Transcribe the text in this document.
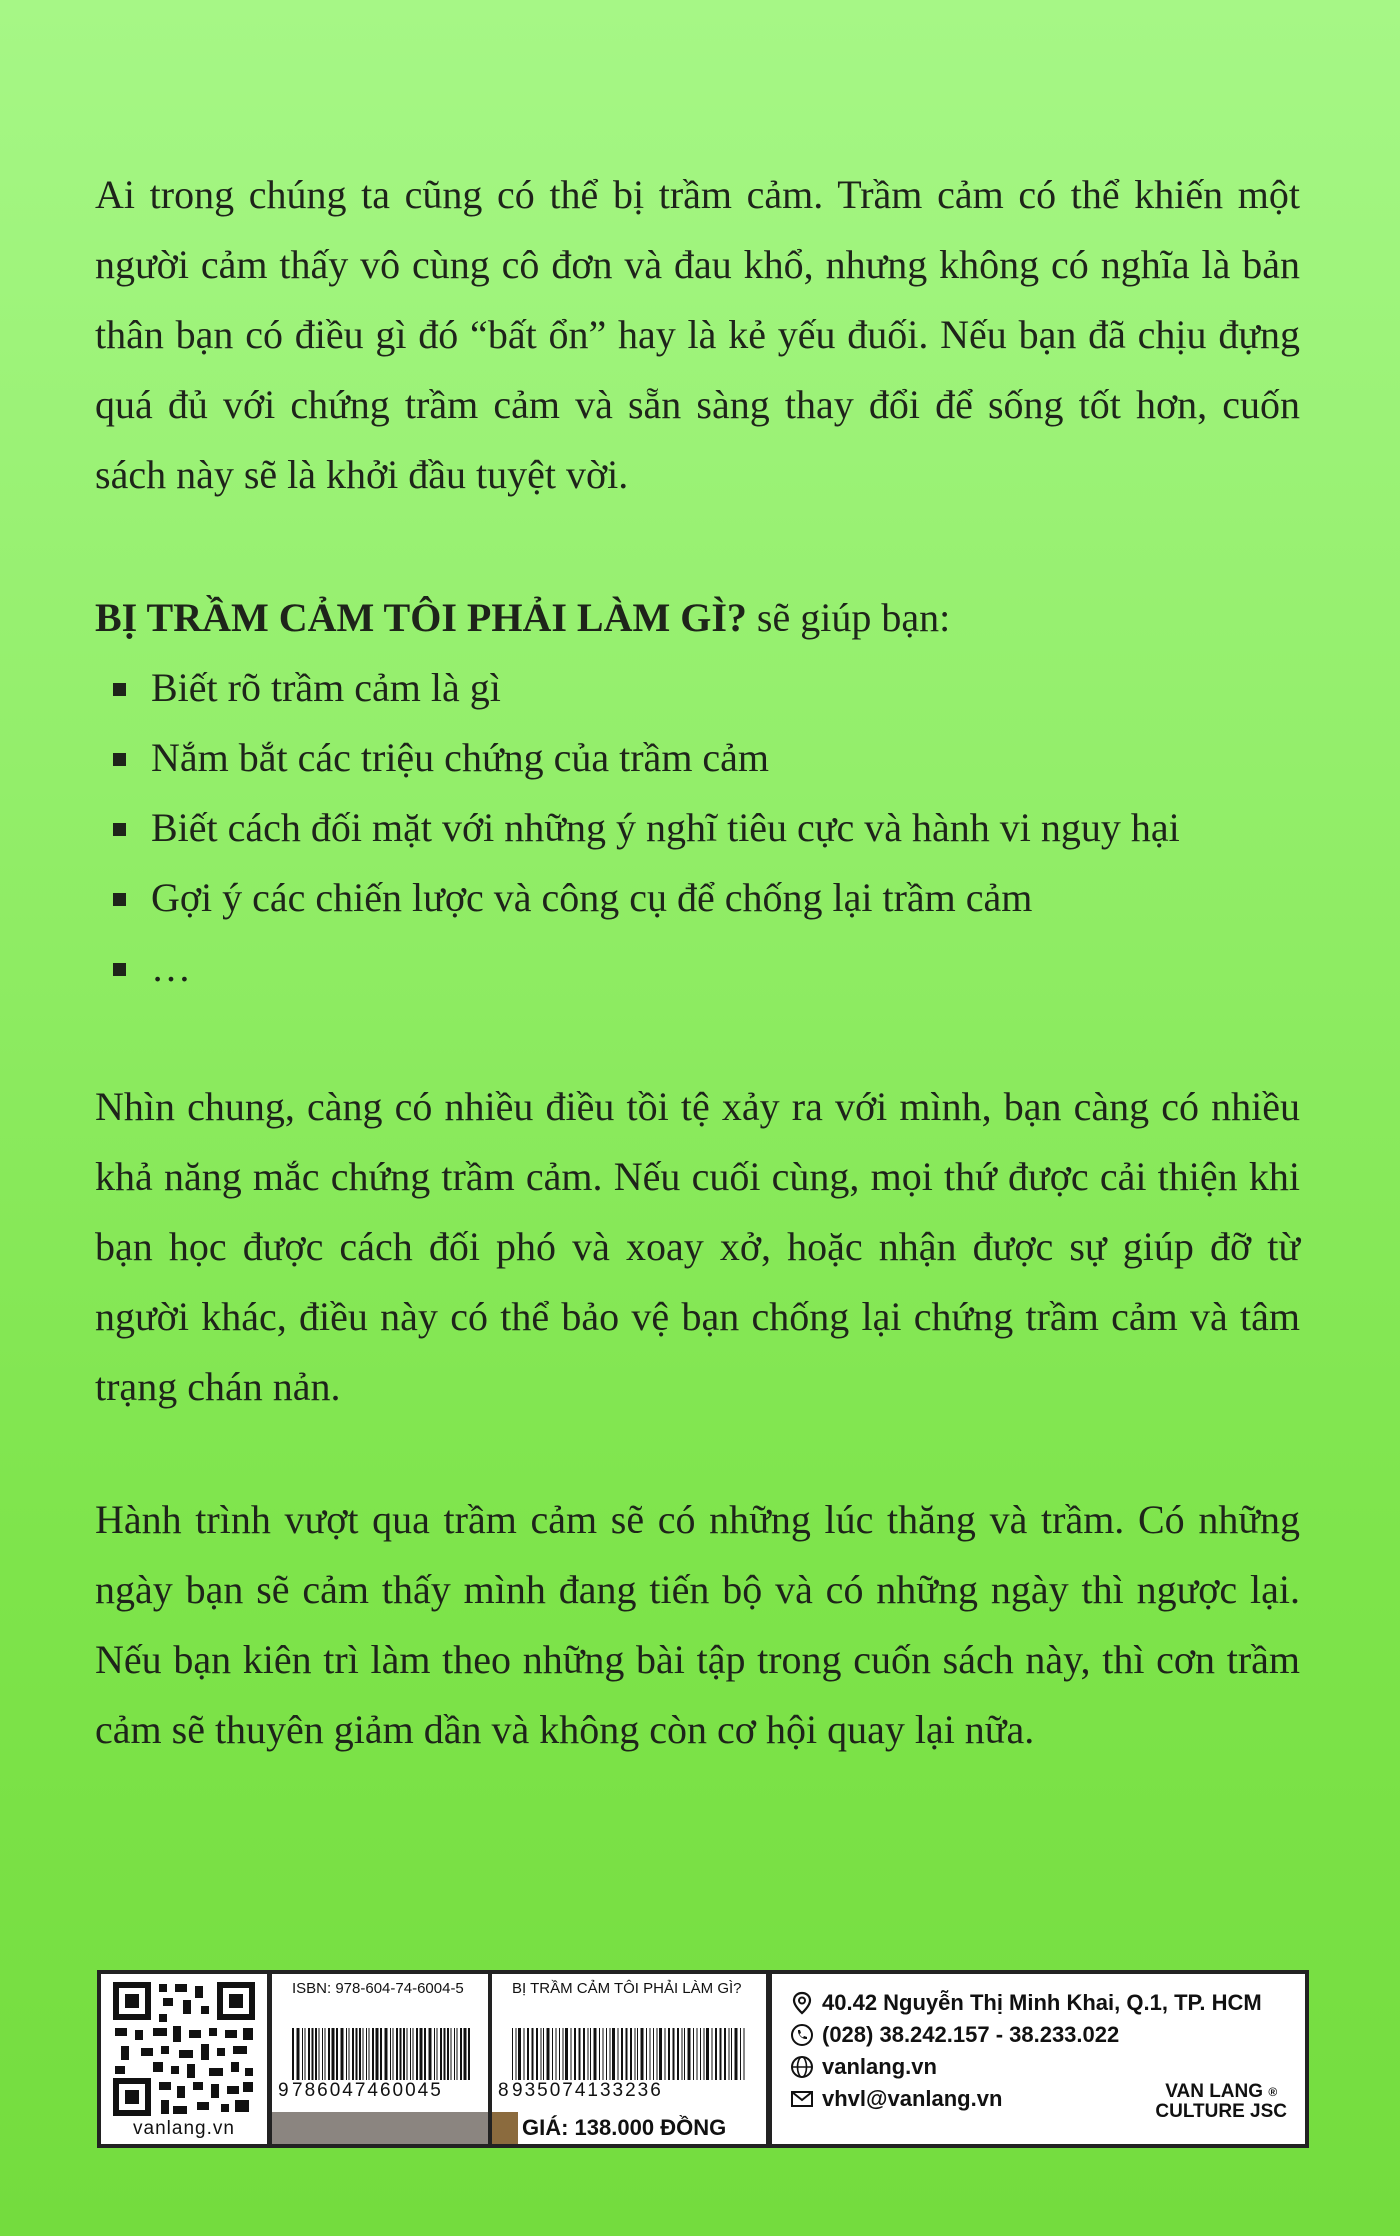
Ai trong chúng ta cũng có thể bị trầm cảm. Trầm cảm có thể khiến một người cảm thấy vô cùng cô đơn và đau khổ, nhưng không có nghĩa là bản thân bạn có điều gì đó “bất ổn” hay là kẻ yếu đuối. Nếu bạn đã chịu đựng quá đủ với chứng trầm cảm và sẵn sàng thay đổi để sống tốt hơn, cuốn sách này sẽ là khởi đầu tuyệt vời.
BỊ TRẦM CẢM TÔI PHẢI LÀM GÌ? sẽ giúp bạn:
Biết rõ trầm cảm là gì
Nắm bắt các triệu chứng của trầm cảm
Biết cách đối mặt với những ý nghĩ tiêu cực và hành vi nguy hại
Gợi ý các chiến lược và công cụ để chống lại trầm cảm
…
Nhìn chung, càng có nhiều điều tồi tệ xảy ra với mình, bạn càng có nhiều khả năng mắc chứng trầm cảm. Nếu cuối cùng, mọi thứ được cải thiện khi bạn học được cách đối phó và xoay xở, hoặc nhận được sự giúp đỡ từ người khác, điều này có thể bảo vệ bạn chống lại chứng trầm cảm và tâm trạng chán nản.
Hành trình vượt qua trầm cảm sẽ có những lúc thăng và trầm. Có những ngày bạn sẽ cảm thấy mình đang tiến bộ và có những ngày thì ngược lại. Nếu bạn kiên trì làm theo những bài tập trong cuốn sách này, thì cơn trầm cảm sẽ thuyên giảm dần và không còn cơ hội quay lại nữa.
vanlang.vn
ISBN: 978-604-74-6004-5
9 786047460045
BỊ TRẦM CẢM TÔI PHẢI LÀM GÌ?
8 935074133236
GIÁ: 138.000 ĐỒNG
40.42 Nguyễn Thị Minh Khai, Q.1, TP. HCM
(028) 38.242.157 - 38.233.022
vanlang.vn
vhvl@vanlang.vn	VAN LANG ®
CULTURE JSC
